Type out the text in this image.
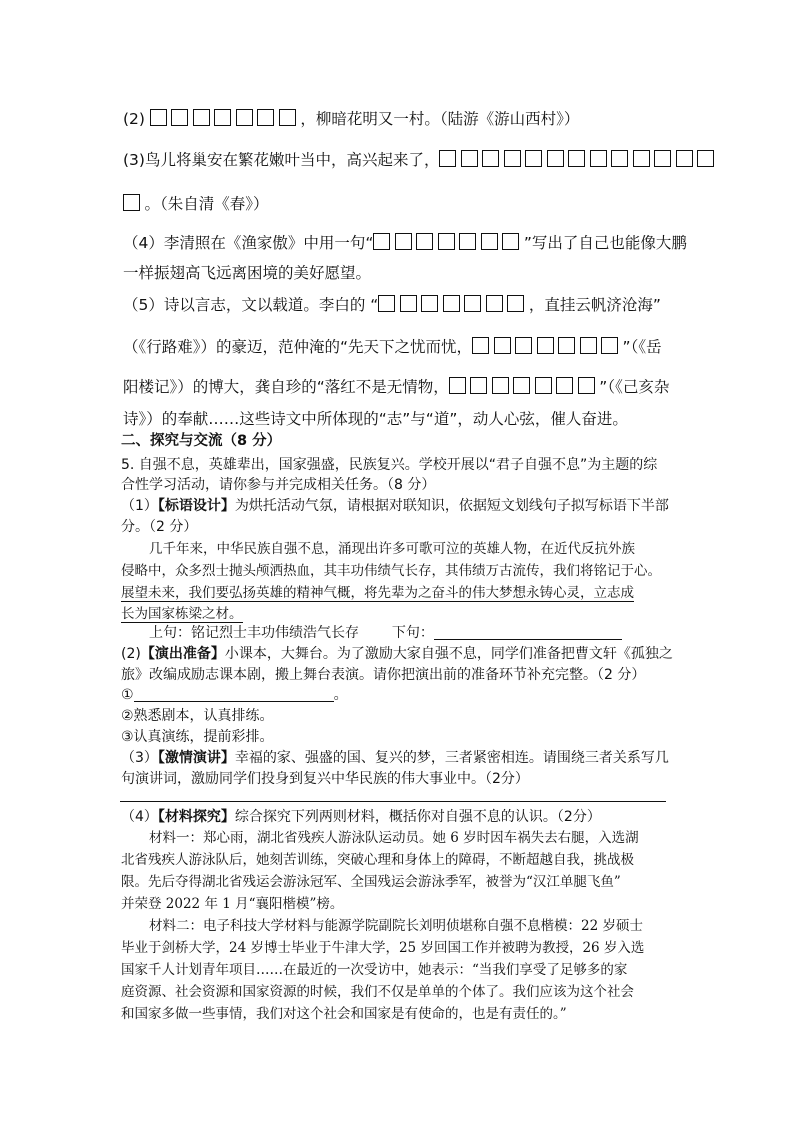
(2)	，柳暗花明又一村。（陆游《游山西村》）
(3)鸟儿将巢安在繁花嫩叶当中，高兴起来了，
。（朱自清《春》）
（4）李清照在《渔家傲》中用一句“	”写出了自己也能像大鹏
一样振翅高飞远离困境的美好愿望。
（5）诗以言志，文以载道。李白的 “	，直挂云帆济沧海”
（《行路难》）的豪迈，范仲淹的“先天下之忧而忧，	”（《岳
阳楼记》）的博大，龚自珍的“落红不是无情物，	”（《己亥杂
诗》）的奉献……这些诗文中所体现的“志”与“道”，动人心弦，催人奋进。
二、探究与交流（8 分）
5. 自强不息，英雄辈出，国家强盛，民族复兴。学校开展以“君子自强不息”为主题的综
合性学习活动，请你参与并完成相关任务。（8 分）
（1）【标语设计】为烘托活动气氛，请根据对联知识，依据短文划线句子拟写标语下半部
分。（2 分）
几千年来，中华民族自强不息，涌现出许多可歌可泣的英雄人物，在近代反抗外族
侵略中，众多烈士抛头颅洒热血，其丰功伟绩气长存，其伟绩万古流传，我们将铭记于心。
展望未来，我们要弘扬英雄的精神气概，将先辈为之奋斗的伟大梦想永铸心灵，立志成
长为国家栋梁之材。
上句：铭记烈士丰功伟绩浩气长存 下句：
(2)【演出准备】小课本，大舞台。为了激励大家自强不息，同学们准备把曹文轩《孤独之
旅》改编成励志课本剧，搬上舞台表演。请你把演出前的准备环节补充完整。（2 分）
①	。
②熟悉剧本，认真排练。
③认真演练，提前彩排。
（3）【激情演讲】幸福的家、强盛的国、复兴的梦，三者紧密相连。请围绕三者关系写几
句演讲词，激励同学们投身到复兴中华民族的伟大事业中。（2分）
（4）【材料探究】综合探究下列两则材料，概括你对自强不息的认识。（2分）
材料一：郑心雨，湖北省残疾人游泳队运动员。她 6 岁时因车祸失去右腿，入选湖
北省残疾人游泳队后，她刻苦训练，突破心理和身体上的障碍，不断超越自我，挑战极
限。先后夺得湖北省残运会游泳冠军、全国残运会游泳季军，被誉为“汉江单腿飞鱼”
并荣登 2022 年 1 月“襄阳楷模”榜。
材料二：电子科技大学材料与能源学院副院长刘明侦堪称自强不息楷模：22 岁硕士
毕业于剑桥大学，24 岁博士毕业于牛津大学，25 岁回国工作并被聘为教授，26 岁入选
国家千人计划青年项目……在最近的一次受访中，她表示：“当我们享受了足够多的家
庭资源、社会资源和国家资源的时候，我们不仅是单单的个体了。我们应该为这个社会
和国家多做一些事情，我们对这个社会和国家是有使命的，也是有责任的。”
